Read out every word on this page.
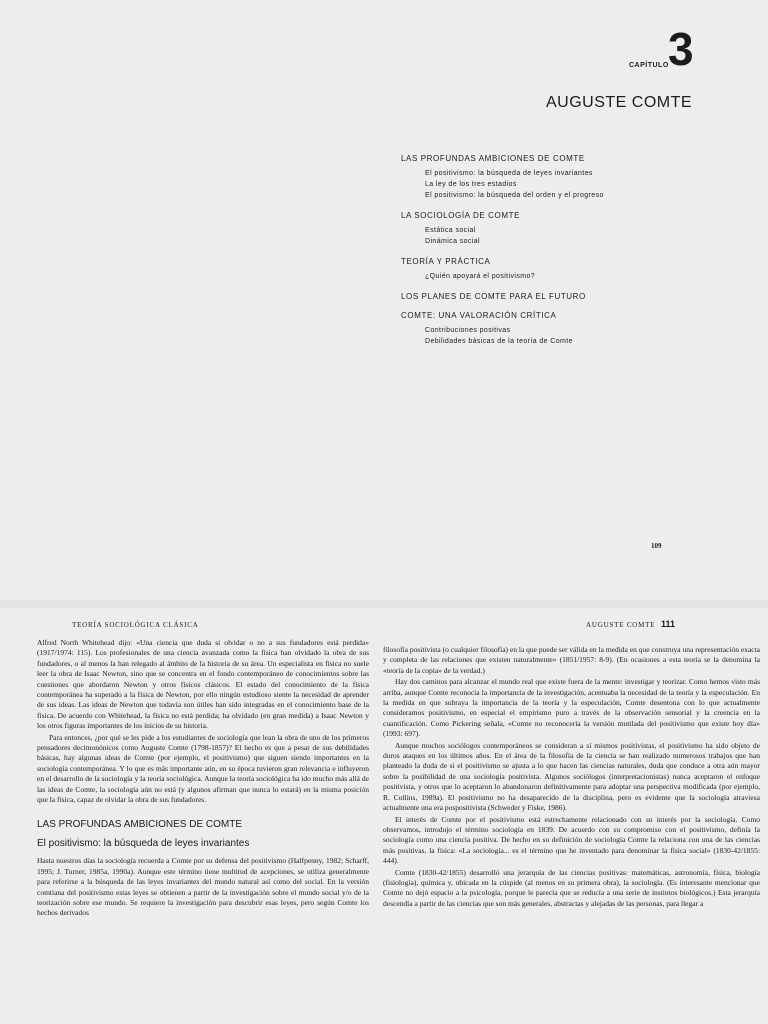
CAPÍTULO 3
AUGUSTE COMTE
LAS PROFUNDAS AMBICIONES DE COMTE
El positivismo: la búsqueda de leyes invariantes
La ley de los tres estadios
El positivismo: la búsqueda del orden y el progreso
LA SOCIOLOGÍA DE COMTE
Estática social
Dinámica social
TEORÍA Y PRÁCTICA
¿Quién apoyará el positivismo?
LOS PLANES DE COMTE PARA EL FUTURO
COMTE: UNA VALORACIÓN CRÍTICA
Contribuciones positivas
Debilidades básicas de la teoría de Comte
109
TEORÍA SOCIOLÓGICA CLÁSICA	AUGUSTE COMTE 111

Alfred North Whitehead dijo: «Una ciencia que duda si olvidar o no a sus fundadores está perdida» (1917/1974: 115). Los profesionales de una ciencia avanzada como la física han olvidado la obra de sus fundadores, o al menos la han relegado al ámbito de la historia de su área. Un especialista en física no suele leer la obra de Isaac Newton, sino que se concentra en el fondo contemporáneo de conocimientos sobre las cuestiones que abordaron Newton y otros físicos clásicos. El estado del conocimiento de la física contemporánea ha superado a la física de Newton, por ello ningún estudioso siente la necesidad de aprender de sus ideas. Las ideas de Newton que todavía son útiles han sido integradas en el conocimiento base de la física. De acuerdo con Whitehead, la física no está perdida; ha olvidado (en gran medida) a Isaac Newton y los otros figuras importantes de los inicios de su historia.

Para entonces, ¿por qué se les pide a los estudiantes de sociología que lean la obra de uno de los primeros pensadores decimonónicos como Auguste Comte (1798-1857)? El hecho es que a pesar de sus debilidades básicas, hay algunas ideas de Comte (por ejemplo, el positivismo) que siguen siendo importantes en la sociología contemporánea. Y lo que es más importante aún, en su época tuvieron gran relevancia e influyeron en el desarrollo de la sociología y la teoría sociológica. Aunque la teoría sociológica ha ido mucho más allá de las ideas de Comte, la sociología aún no está (y algunos afirman que nunca lo estará) en la misma posición que la física, capaz de olvidar la obra de sus fundadores.

LAS PROFUNDAS AMBICIONES DE COMTE
El positivismo: la búsqueda de leyes invariantes

Hasta nuestros días la sociología recuerda a Comte por su defensa del positivismo (Halfpenny, 1982; Scharff, 1995; J. Turner, 1985a, 1990a). Aunque este término tiene multitud de acepciones, se utiliza generalmente para referirse a la búsqueda de las leyes invariantes del mundo natural así como del social. En la versión comtiana del positivismo estas leyes se obtienen a partir de la investigación sobre el mundo social y/o de la teorización sobre ese mundo. Se requiere la investigación para descubrir esas leyes, pero según Comte los hechos derivados

filosofía positivista (o cualquier filosofía) en la que puede ser válida en la medida en que construya una representación exacta y completa de las relaciones que existen naturalmente» (1851/1957: 8-9). (En ocasiones a esta teoría se la denomina la «teoría de la copia» de la verdad.)

Hay dos caminos para alcanzar el mundo real que existe fuera de la mente: investigar y teorizar. Como hemos visto más arriba, aunque Comte reconocía la importancia de la investigación, acentuaba la necesidad de la teoría y la especulación. En la medida en que subraya la importancia de la teoría y la especulación, Comte desentona con lo que actualmente consideramos positivismo, en especial el empirismo puro a través de la observación sensorial y la creencia en la cuantificación. Como Pickering señala, «Comte no reconocería la versión mutilada del positivismo que existe hoy día» (1993: 697).

Aunque muchos sociólogos contemporáneos se consideran a sí mismos positivistas, el positivismo ha sido objeto de duros ataques en los últimos años. En el área de la filosofía de la ciencia se han realizado numerosos trabajos que han planteado la duda de si el positivismo se ajusta a lo que hacen las ciencias naturales, duda que conduce a otra aún mayor sobre la posibilidad de una sociología positivista. Algunos sociólogos (interpretacionistas) nunca aceptaron el enfoque positivista, y otros que lo aceptaron lo abandonaron definitivamente para adoptar una perspectiva modificada (por ejemplo, R. Collins, 1989a). El positivismo no ha desaparecido de la disciplina, pero es evidente que la sociología atraviesa actualmente una era pospositivista (Schweder y Fiske, 1986).

El interés de Comte por el positivismo está estrechamente relacionado con su interés por la sociología. Como observamos, introdujo el término sociología en 1839. De acuerdo con su compromiso con el positivismo, definía la sociología como una ciencia positiva. De hecho en su definición de sociología Comte la relaciona con una de las ciencias más positivas, la física: «La sociología... es el término que he inventado para denominar la física social» (1830-42/1855: 444).

Comte (1830-42/1855) desarrolló una jerarquía de las ciencias positivas: matemáticas, astronomía, física, biología (fisiología), química y, ubicada en la cúspide (al menos en su primera obra), la sociología. (Es interesante mencionar que Comte no dejó espacio a la psicología, porque le parecía que se reducía a una serie de instintos biológicos.) Esta jerarquía descendía a partir de las ciencias que son más generales, abstractas y alejadas de las personas, para llegar a
